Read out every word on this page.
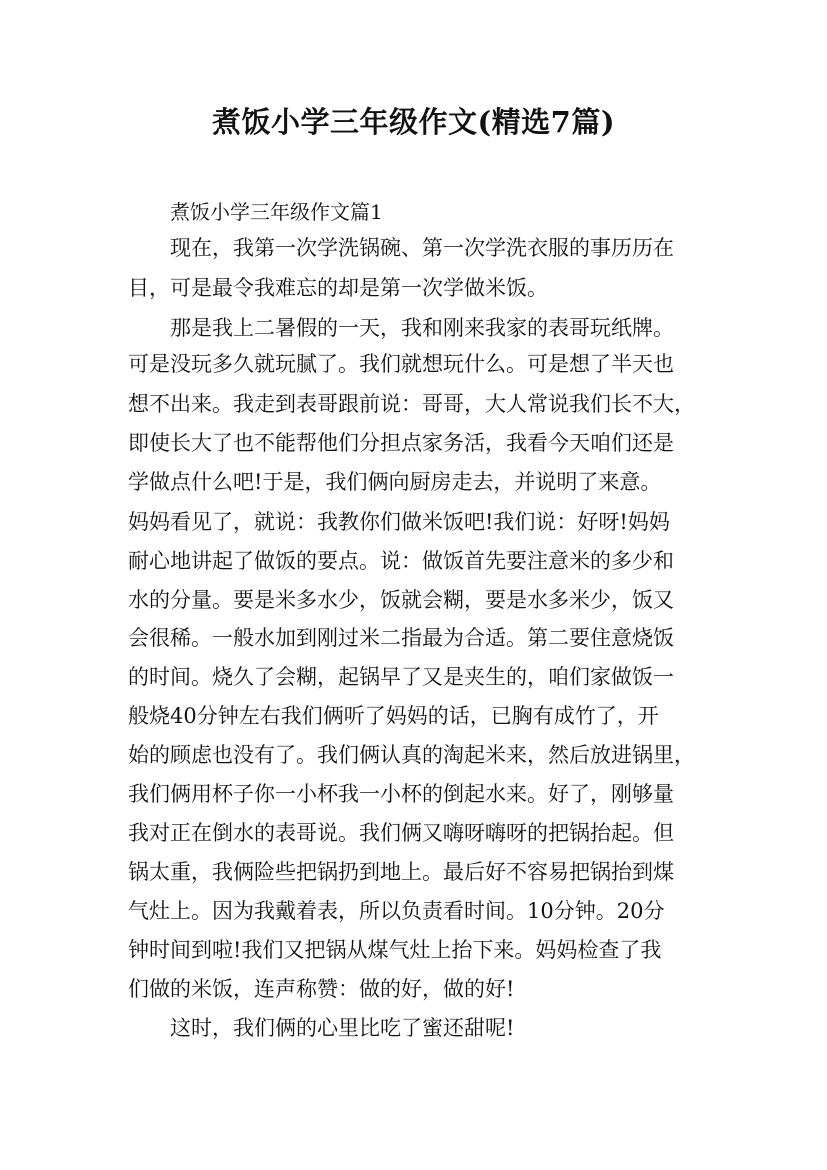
煮饭小学三年级作文(精选7篇)
煮饭小学三年级作文篇1
现在，我第一次学洗锅碗、第一次学洗衣服的事历历在
目，可是最令我难忘的却是第一次学做米饭。
那是我上二暑假的一天，我和刚来我家的表哥玩纸牌。
可是没玩多久就玩腻了。我们就想玩什么。可是想了半天也
想不出来。我走到表哥跟前说：哥哥，大人常说我们长不大，
即使长大了也不能帮他们分担点家务活，我看今天咱们还是
学做点什么吧!于是，我们俩向厨房走去，并说明了来意。
妈妈看见了，就说：我教你们做米饭吧!我们说：好呀!妈妈
耐心地讲起了做饭的要点。说：做饭首先要注意米的多少和
水的分量。要是米多水少，饭就会糊，要是水多米少，饭又
会很稀。一般水加到刚过米二指最为合适。第二要住意烧饭
的时间。烧久了会糊，起锅早了又是夹生的，咱们家做饭一
般烧40分钟左右我们俩听了妈妈的话，已胸有成竹了，开
始的顾虑也没有了。我们俩认真的淘起米来，然后放进锅里，
我们俩用杯子你一小杯我一小杯的倒起水来。好了，刚够量
我对正在倒水的表哥说。我们俩又嗨呀嗨呀的把锅抬起。但
锅太重，我俩险些把锅扔到地上。最后好不容易把锅抬到煤
气灶上。因为我戴着表，所以负责看时间。10分钟。20分
钟时间到啦!我们又把锅从煤气灶上抬下来。妈妈检查了我
们做的米饭，连声称赞：做的好，做的好!
这时，我们俩的心里比吃了蜜还甜呢!
